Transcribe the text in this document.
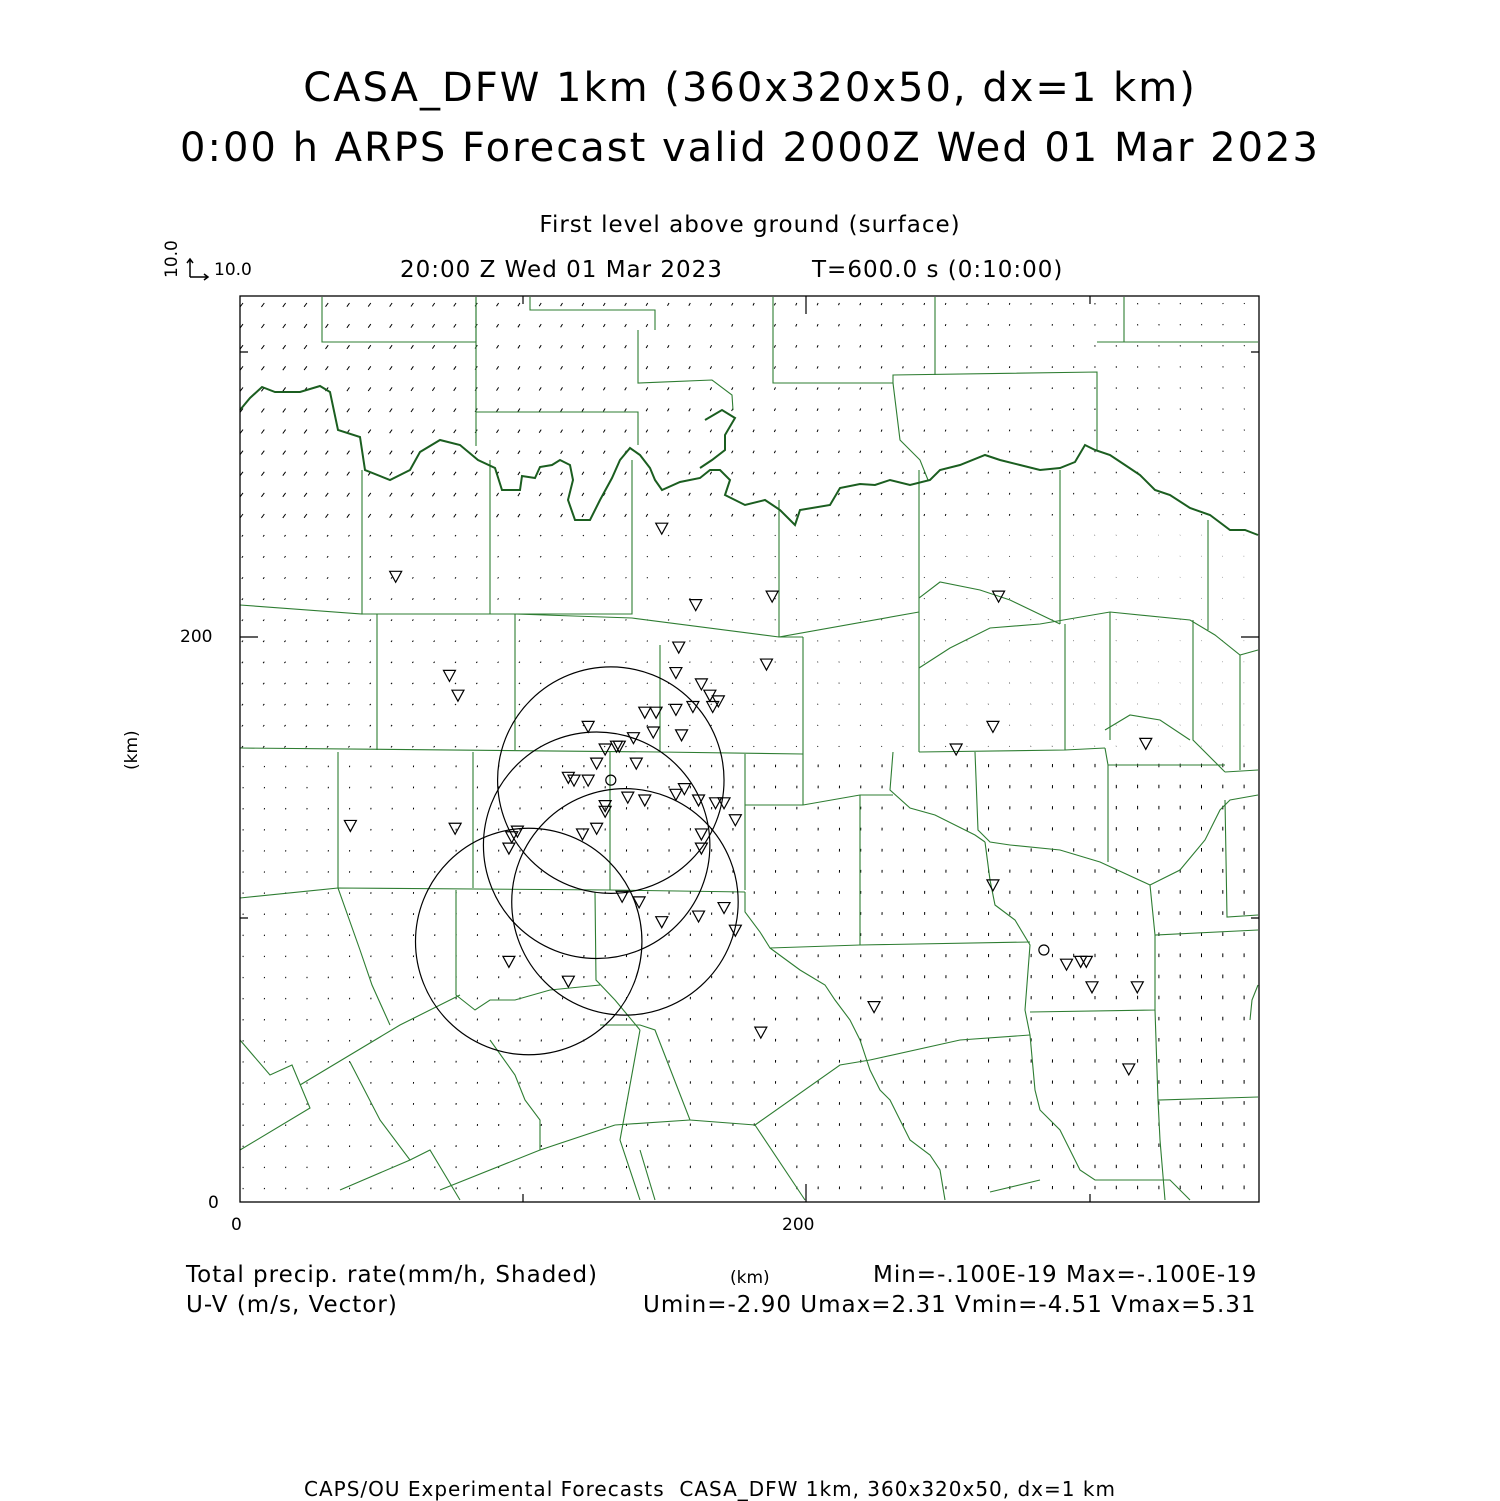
CASA_DFW 1km (360x320x50, dx=1 km)
0:00 h ARPS Forecast valid 2000Z Wed 01 Mar 2023
First level above ground (surface)
20:00 Z Wed 01 Mar 2023	T=600.0 s (0:10:00)
10.0
10.0
(km)
200
0
0	200
(km)
Total precip. rate(mm/h, Shaded)
U-V (m/s, Vector)
Min=-.100E-19 Max=-.100E-19
Umin=-2.90 Umax=2.31 Vmin=-4.51 Vmax=5.31
CAPS/OU Experimental Forecasts  CASA_DFW 1km, 360x320x50, dx=1 km
